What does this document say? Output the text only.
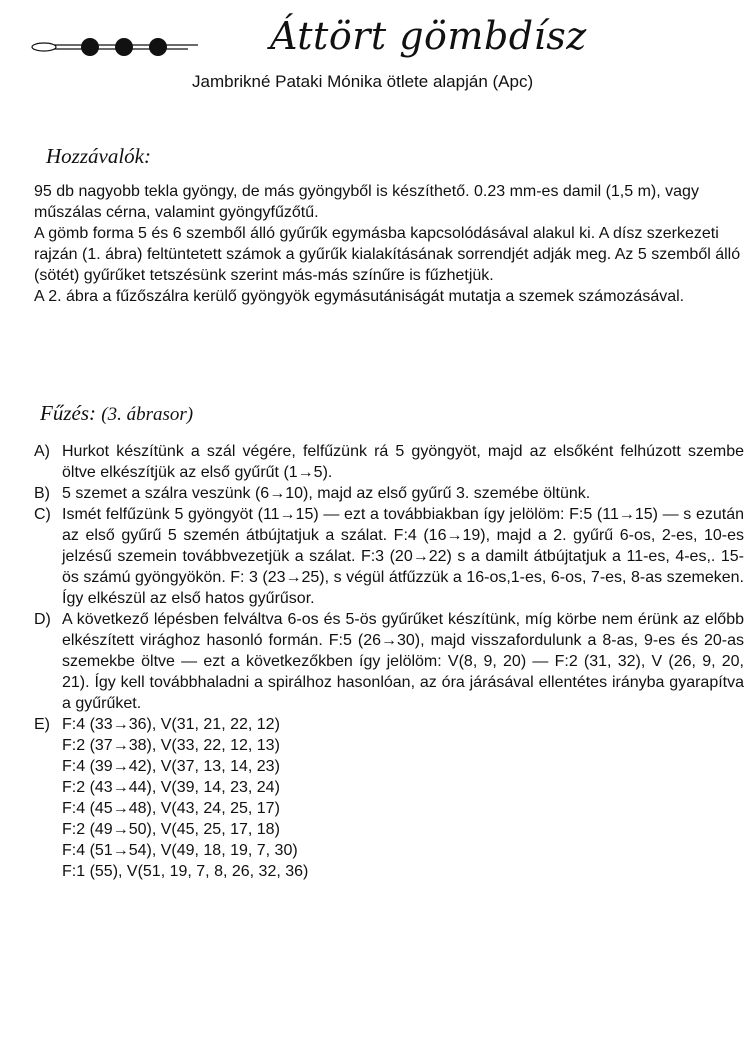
Áttört gömbdísz
Jambrikné Pataki Mónika ötlete alapján (Apc)
Hozzávalók:

95 db nagyobb tekla gyöngy, de más gyöngyből is készíthető. 0.23 mm-es damil (1,5 m), vagy műszálas cérna, valamint gyöngyfűzőtű.

A gömb forma 5 és 6 szemből álló gyűrűk egymásba kapcsolódásával alakul ki. A dísz szerkezeti rajzán (1. ábra) feltüntetett számok a gyűrűk kialakításának sorrendjét adják meg. Az 5 szemből álló (sötét) gyűrűket tetszésünk szerint más-más színűre is fűzhetjük.

A 2. ábra a fűzőszálra kerülő gyöngyök egymásutániságát mutatja a szemek számozásával.

Fűzés: (3. ábrasor)
A) Hurkot készítünk a szál végére, felfűzünk rá 5 gyöngyöt, majd az elsőként felhúzott szembe öltve elkészítjük az első gyűrűt (1→5).
B) 5 szemet a szálra veszünk (6→10), majd az első gyűrű 3. szemébe öltünk.
C) Ismét felfűzünk 5 gyöngyöt (11→15) — ezt a továbbiakban így jelölöm: F:5 (11→15) — s ezután az első gyűrű 5 szemén átbújtatjuk a szálat. F:4 (16→19), majd a 2. gyűrű 6-os, 2-es, 10-es jelzésű szemein továbbvezetjük a szálat. F:3 (20→22) s a damilt átbújtatjuk a 11-es, 4-es,. 15-ös számú gyöngyökön. F: 3 (23→25), s végül átfűzzük a 16-os,1-es, 6-os, 7-es, 8-as szemeken. Így elkészül az első hatos gyűrűsor.
D) A következő lépésben felváltva 6-os és 5-ös gyűrűket készítünk, míg körbe nem érünk az előbb elkészített virághoz hasonló formán. F:5 (26→30), majd visszafordulunk a 8-as, 9-es és 20-as szemekbe öltve — ezt a következőkben így jelölöm: V(8, 9, 20) — F:2 (31, 32), V (26, 9, 20, 21). Így kell továbbhaladni a spirálhoz hasonlóan, az óra járásával ellentétes irányba gyarapítva a gyűrűket.
E) F:4 (33→36), V(31, 21, 22, 12)
F:2 (37→38), V(33, 22, 12, 13)
F:4 (39→42), V(37, 13, 14, 23)
F:2 (43→44), V(39, 14, 23, 24)
F:4 (45→48), V(43, 24, 25, 17)
F:2 (49→50), V(45, 25, 17, 18)
F:4 (51→54), V(49, 18, 19, 7, 30)
F:1 (55), V(51, 19, 7, 8, 26, 32, 36)
